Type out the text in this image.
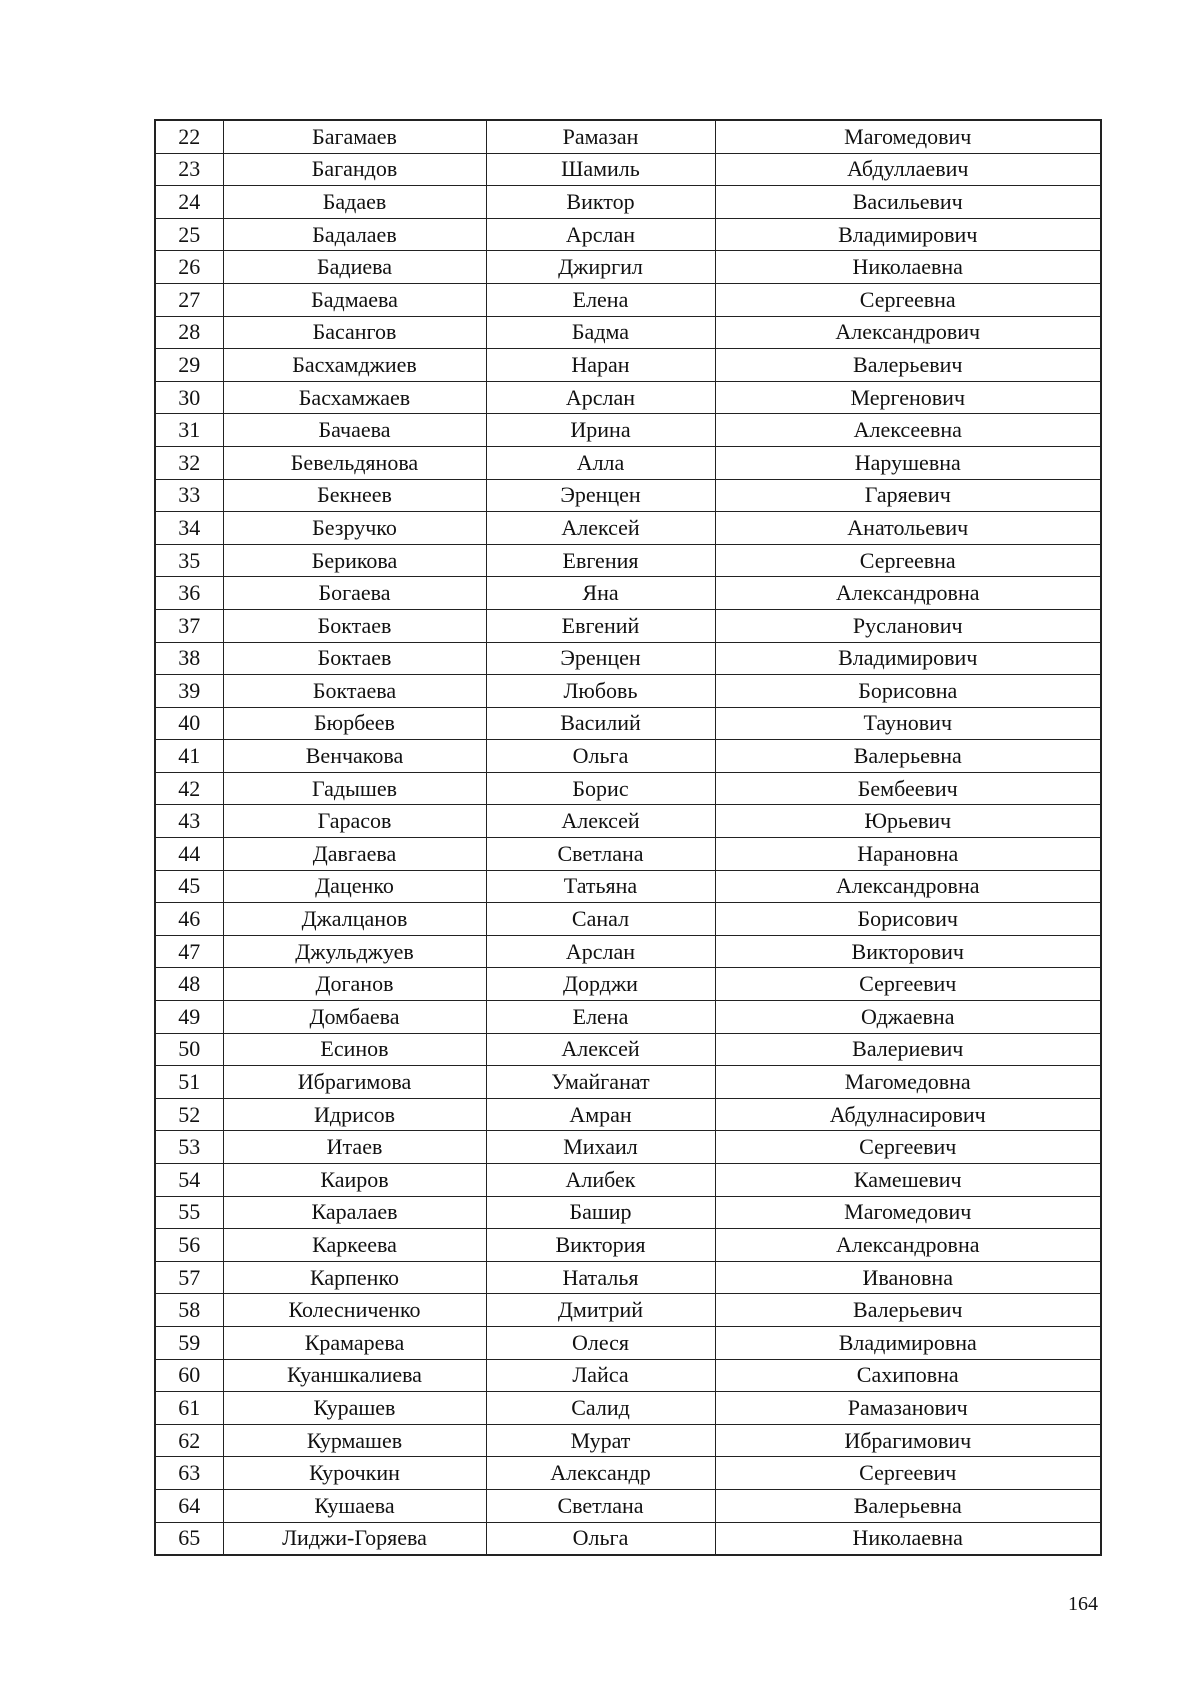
22	Багамаев	Рамазан	Магомедович
23	Багандов	Шамиль	Абдуллаевич
24	Бадаев	Виктор	Васильевич
25	Бадалаев	Арслан	Владимирович
26	Бадиева	Джиргил	Николаевна
27	Бадмаева	Елена	Сергеевна
28	Басангов	Бадма	Александрович
29	Басхамджиев	Наран	Валерьевич
30	Басхамжаев	Арслан	Мергенович
31	Бачаева	Ирина	Алексеевна
32	Бевельдянова	Алла	Нарушевна
33	Бекнеев	Эренцен	Гаряевич
34	Безручко	Алексей	Анатольевич
35	Берикова	Евгения	Сергеевна
36	Богаева	Яна	Александровна
37	Боктаев	Евгений	Русланович
38	Боктаев	Эренцен	Владимирович
39	Боктаева	Любовь	Борисовна
40	Бюрбеев	Василий	Таунович
41	Венчакова	Ольга	Валерьевна
42	Гадышев	Борис	Бембеевич
43	Гарасов	Алексей	Юрьевич
44	Давгаева	Светлана	Нарановна
45	Даценко	Татьяна	Александровна
46	Джалцанов	Санал	Борисович
47	Джульджуев	Арслан	Викторович
48	Доганов	Дорджи	Сергеевич
49	Домбаева	Елена	Оджаевна
50	Есинов	Алексей	Валериевич
51	Ибрагимова	Умайганат	Магомедовна
52	Идрисов	Амран	Абдулнасирович
53	Итаев	Михаил	Сергеевич
54	Каиров	Алибек	Камешевич
55	Каралаев	Башир	Магомедович
56	Каркеева	Виктория	Александровна
57	Карпенко	Наталья	Ивановна
58	Колесниченко	Дмитрий	Валерьевич
59	Крамарева	Олеся	Владимировна
60	Куаншкалиева	Лайса	Сахиповна
61	Курашев	Салид	Рамазанович
62	Курмашев	Мурат	Ибрагимович
63	Курочкин	Александр	Сергеевич
64	Кушаева	Светлана	Валерьевна
65	Лиджи-Горяева	Ольга	Николаевна
164
